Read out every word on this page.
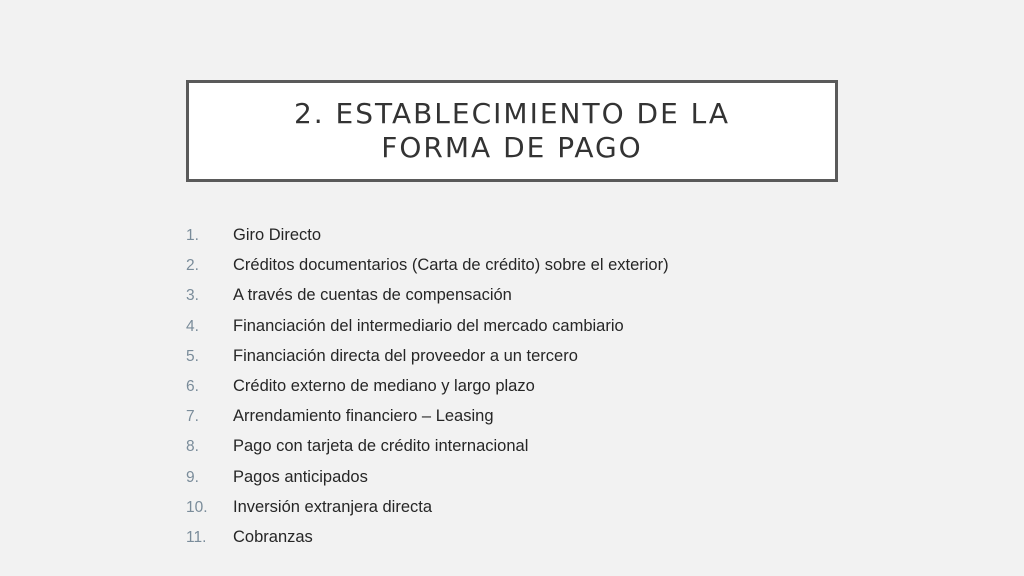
2. ESTABLECIMIENTO DE LA
FORMA DE PAGO
1.	Giro Directo
2.	Créditos documentarios (Carta de crédito) sobre el exterior)
3.	A través de cuentas de compensación
4.	Financiación del intermediario del mercado cambiario
5.	Financiación directa del proveedor a un tercero
6.	Crédito externo de mediano y largo plazo
7.	Arrendamiento financiero – Leasing
8.	Pago con tarjeta de crédito internacional
9.	Pagos anticipados
10.	Inversión extranjera directa
11.	Cobranzas
